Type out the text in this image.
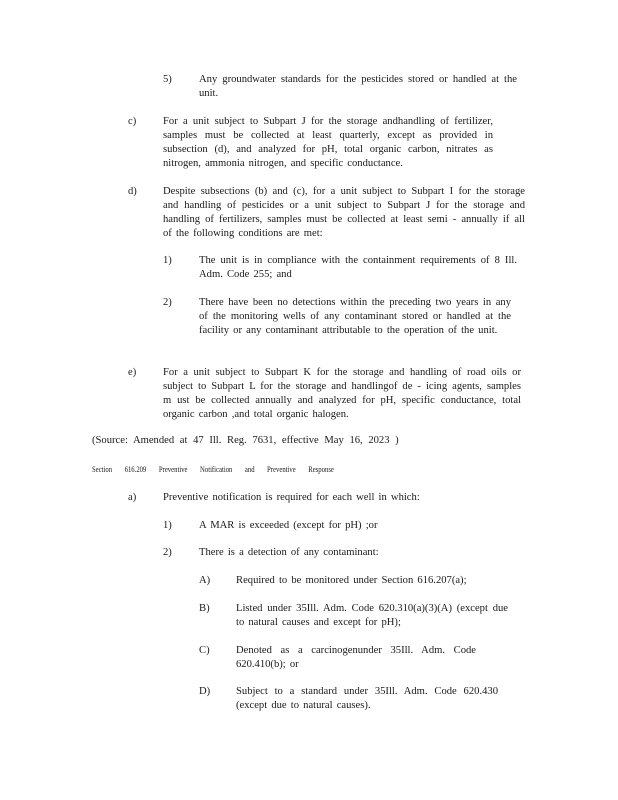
5)	Any groundwater standards for the pesticides stored or handled at the unit.
c)	For a unit subject to Subpart J for the storage andhandling of fertilizer, samples must be collected at least quarterly, except as provided in subsection (d), and analyzed for pH, total organic carbon, nitrates as nitrogen, ammonia nitrogen, and specific conductance.
d) Despite subsections (b) and (c), for a unit subject to Subpart I for the storage and handling of pesticides or a unit subject to Subpart J for the storage and handling of fertilizers, samples must be collected at least semi - annually if all of the following conditions are met:
1)	The unit is in compliance with the containment requirements of 8 Ill. Adm. Code 255; and
2)	There have been no detections within the preceding two years in any of the monitoring wells of any contaminant stored or handled at the facility or any contaminant attributable to the operation of the unit.
e)	For a unit subject to Subpart K for the storage and handling of road oils or subject to Subpart L for the storage and handlingof de - icing agents, samples m ust be collected annually and analyzed for pH, specific conductance, total organic carbon ,and total organic halogen.
(Source: Amended at 47 Ill. Reg. 7631, effective May 16, 2023 )
Section 616.209 Preventive Notification and Preventive Response
a)	Preventive notification is required for each well in which:
1)	A MAR is exceeded (except for pH) ;or
2)	There is a detection of any contaminant:
A) Required to be monitored under Section 616.207(a);
B) Listed under 35Ill. Adm. Code 620.310(a)(3)(A) (except due to natural causes and except for pH);
C) Denoted as a carcinogenunder 35Ill. Adm. Code 620.410(b); or
D) Subject to a standard under 35Ill. Adm. Code 620.430 (except due to natural causes).
